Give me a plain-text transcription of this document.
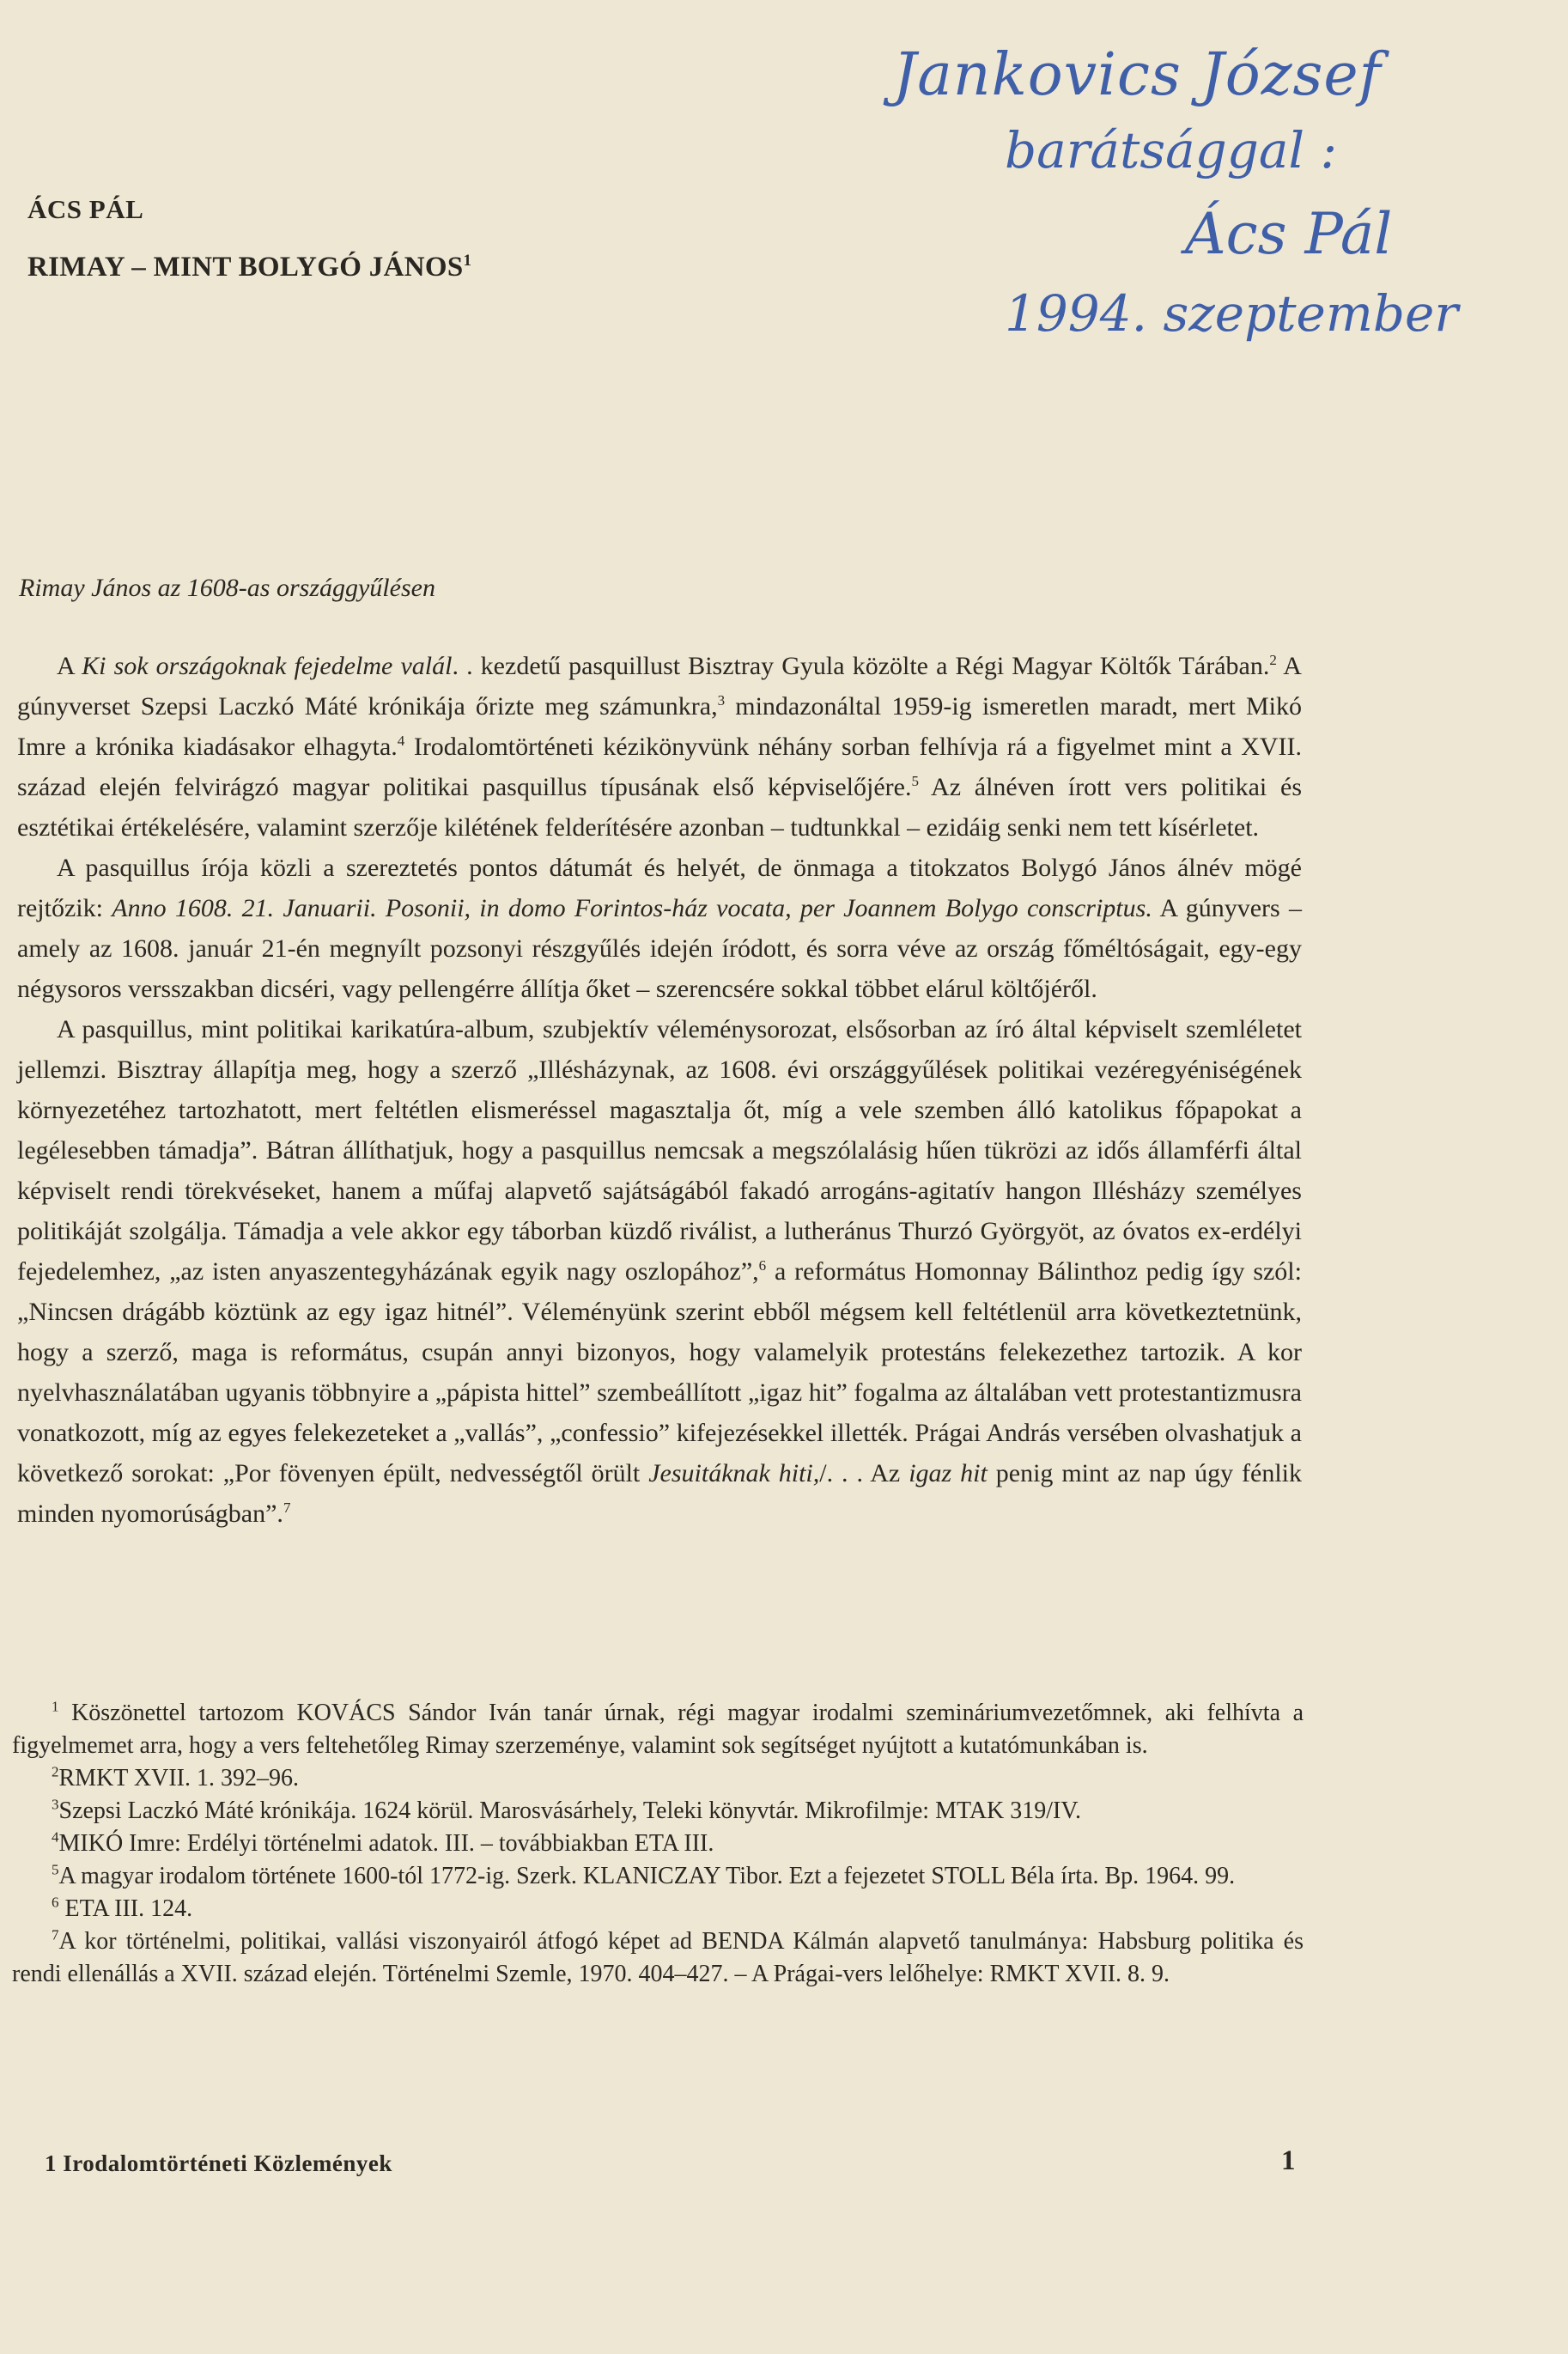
Jankovics József
barátsággal :
Ács Pál
1994. szeptember
ÁCS PÁL
RIMAY – MINT BOLYGÓ JÁNOS$^1$
Rimay János az 1608-as országgyűlésen

A Ki sok országoknak fejedelme valál. . kezdetű pasquillust Bisztray Gyula közölte a Régi Magyar Költők Tárában.$^2$ A gúnyverset Szepsi Laczkó Máté krónikája őrizte meg számunkra,$^3$ mindazonáltal 1959-ig ismeretlen maradt, mert Mikó Imre a krónika kiadásakor elhagyta.$^4$ Irodalomtörténeti kézikönyvünk néhány sorban felhívja rá a figyelmet mint a XVII. század elején felvirágzó magyar politikai pasquillus típusának első képviselőjére.$^5$ Az álnéven írott vers politikai és esztétikai értékelésére, valamint szerzője kilétének felderítésére azonban – tudtunkkal – ezidáig senki nem tett kísérletet.

A pasquillus írója közli a szereztetés pontos dátumát és helyét, de önmaga a titokzatos Bolygó János álnév mögé rejtőzik: Anno 1608. 21. Januarii. Posonii, in domo Forintos-ház vocata, per Joannem Bolygo conscriptus. A gúnyvers – amely az 1608. január 21-én megnyílt pozsonyi részgyűlés idején íródott, és sorra véve az ország főméltóságait, egy-egy négysoros versszakban dicséri, vagy pellengérre állítja őket – szerencsére sokkal többet elárul költőjéről.

A pasquillus, mint politikai karikatúra-album, szubjektív véleménysorozat, elsősorban az író által képviselt szemléletet jellemzi. Bisztray állapítja meg, hogy a szerző „Illésházynak, az 1608. évi országgyűlések politikai vezéregyéniségének környezetéhez tartozhatott, mert feltétlen elismeréssel magasztalja őt, míg a vele szemben álló katolikus főpapokat a legélesebben támadja”. Bátran állíthatjuk, hogy a pasquillus nemcsak a megszólalásig hűen tükrözi az idős államférfi által képviselt rendi törekvéseket, hanem a műfaj alapvető sajátságából fakadó arrogáns-agitatív hangon Illésházy személyes politikáját szolgálja. Támadja a vele akkor egy táborban küzdő riválist, a lutheránus Thurzó Györgyöt, az óvatos ex-erdélyi fejedelemhez, „az isten anyaszentegyházának egyik nagy oszlopához”,$^6$ a református Homonnay Bálinthoz pedig így szól: „Nincsen drágább köztünk az egy igaz hitnél”. Véleményünk szerint ebből mégsem kell feltétlenül arra következtetnünk, hogy a szerző, maga is református, csupán annyi bizonyos, hogy valamelyik protestáns felekezethez tartozik. A kor nyelvhasználatában ugyanis többnyire a „pápista hittel” szembeállított „igaz hit” fogalma az általában vett protestantizmusra vonatkozott, míg az egyes felekezeteket a „vallás”, „confessio” kifejezésekkel illették. Prágai András versében olvashatjuk a következő sorokat: „Por fövenyen épült, nedvességtől örült Jesuitáknak hiti,/. . . Az igaz hit penig mint az nap úgy fénlik minden nyomorúságban”.$^7$

$^1$ Köszönettel tartozom KOVÁCS Sándor Iván tanár úrnak, régi magyar irodalmi szemináriumvezetőmnek, aki felhívta a figyelmemet arra, hogy a vers feltehetőleg Rimay szerzeménye, valamint sok segítséget nyújtott a kutatómunkában is.

$^2$RMKT XVII. 1. 392–96.

$^3$Szepsi Laczkó Máté krónikája. 1624 körül. Marosvásárhely, Teleki könyvtár. Mikrofilmje: MTAK 319/IV.

$^4$MIKÓ Imre: Erdélyi történelmi adatok. III. – továbbiakban ETA III.

$^5$A magyar irodalom története 1600-tól 1772-ig. Szerk. KLANICZAY Tibor. Ezt a fejezetet STOLL Béla írta. Bp. 1964. 99.

$^6$ ETA III. 124.

$^7$A kor történelmi, politikai, vallási viszonyairól átfogó képet ad BENDA Kálmán alapvető tanulmánya: Habsburg politika és rendi ellenállás a XVII. század elején. Történelmi Szemle, 1970. 404–427. – A Prágai-vers lelőhelye: RMKT XVII. 8. 9.

1 Irodalomtörténeti Közlemények	1
